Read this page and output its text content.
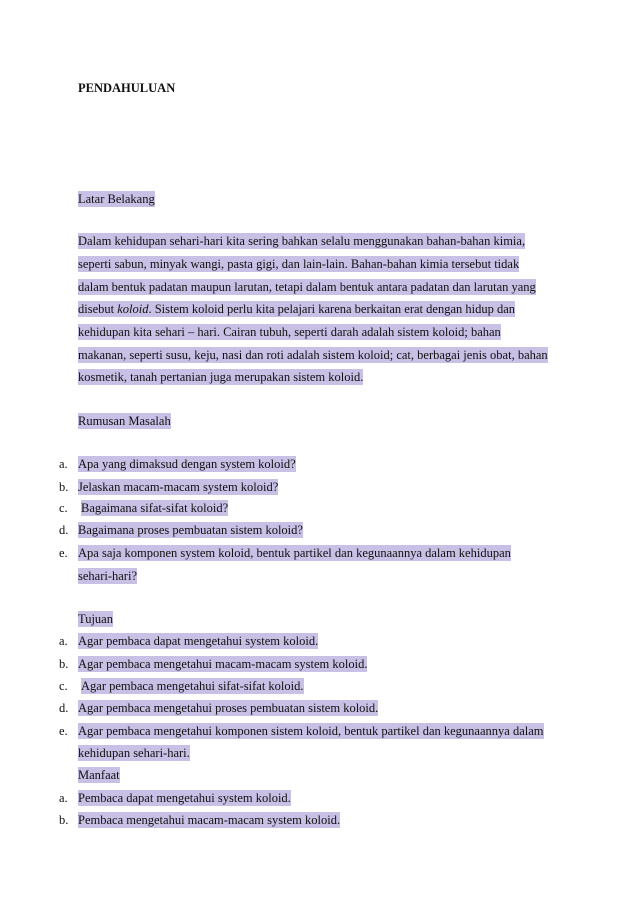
PENDAHULUAN
Latar Belakang
Dalam kehidupan sehari-hari kita sering bahkan selalu menggunakan bahan-bahan kimia,
seperti sabun, minyak wangi, pasta gigi, dan lain-lain. Bahan-bahan kimia tersebut tidak
dalam bentuk padatan maupun larutan, tetapi dalam bentuk antara padatan dan larutan yang
disebut koloid. Sistem koloid perlu kita pelajari karena berkaitan erat dengan hidup dan
kehidupan kita sehari – hari. Cairan tubuh, seperti darah adalah sistem koloid; bahan
makanan, seperti susu, keju, nasi dan roti adalah sistem koloid; cat, berbagai jenis obat, bahan
kosmetik, tanah pertanian juga merupakan sistem koloid.
Rumusan Masalah
a. Apa yang dimaksud dengan system koloid?
b. Jelaskan macam-macam system koloid?
c. Bagaimana sifat-sifat koloid?
d. Bagaimana proses pembuatan sistem koloid?
e. Apa saja komponen system koloid, bentuk partikel dan kegunaannya dalam kehidupan
sehari-hari?
Tujuan
a. Agar pembaca dapat mengetahui system koloid.
b. Agar pembaca mengetahui macam-macam system koloid.
c. Agar pembaca mengetahui sifat-sifat koloid.
d. Agar pembaca mengetahui proses pembuatan sistem koloid.
e. Agar pembaca mengetahui komponen sistem koloid, bentuk partikel dan kegunaannya dalam
kehidupan sehari-hari.
Manfaat
a. Pembaca dapat mengetahui system koloid.
b. Pembaca mengetahui macam-macam system koloid.
